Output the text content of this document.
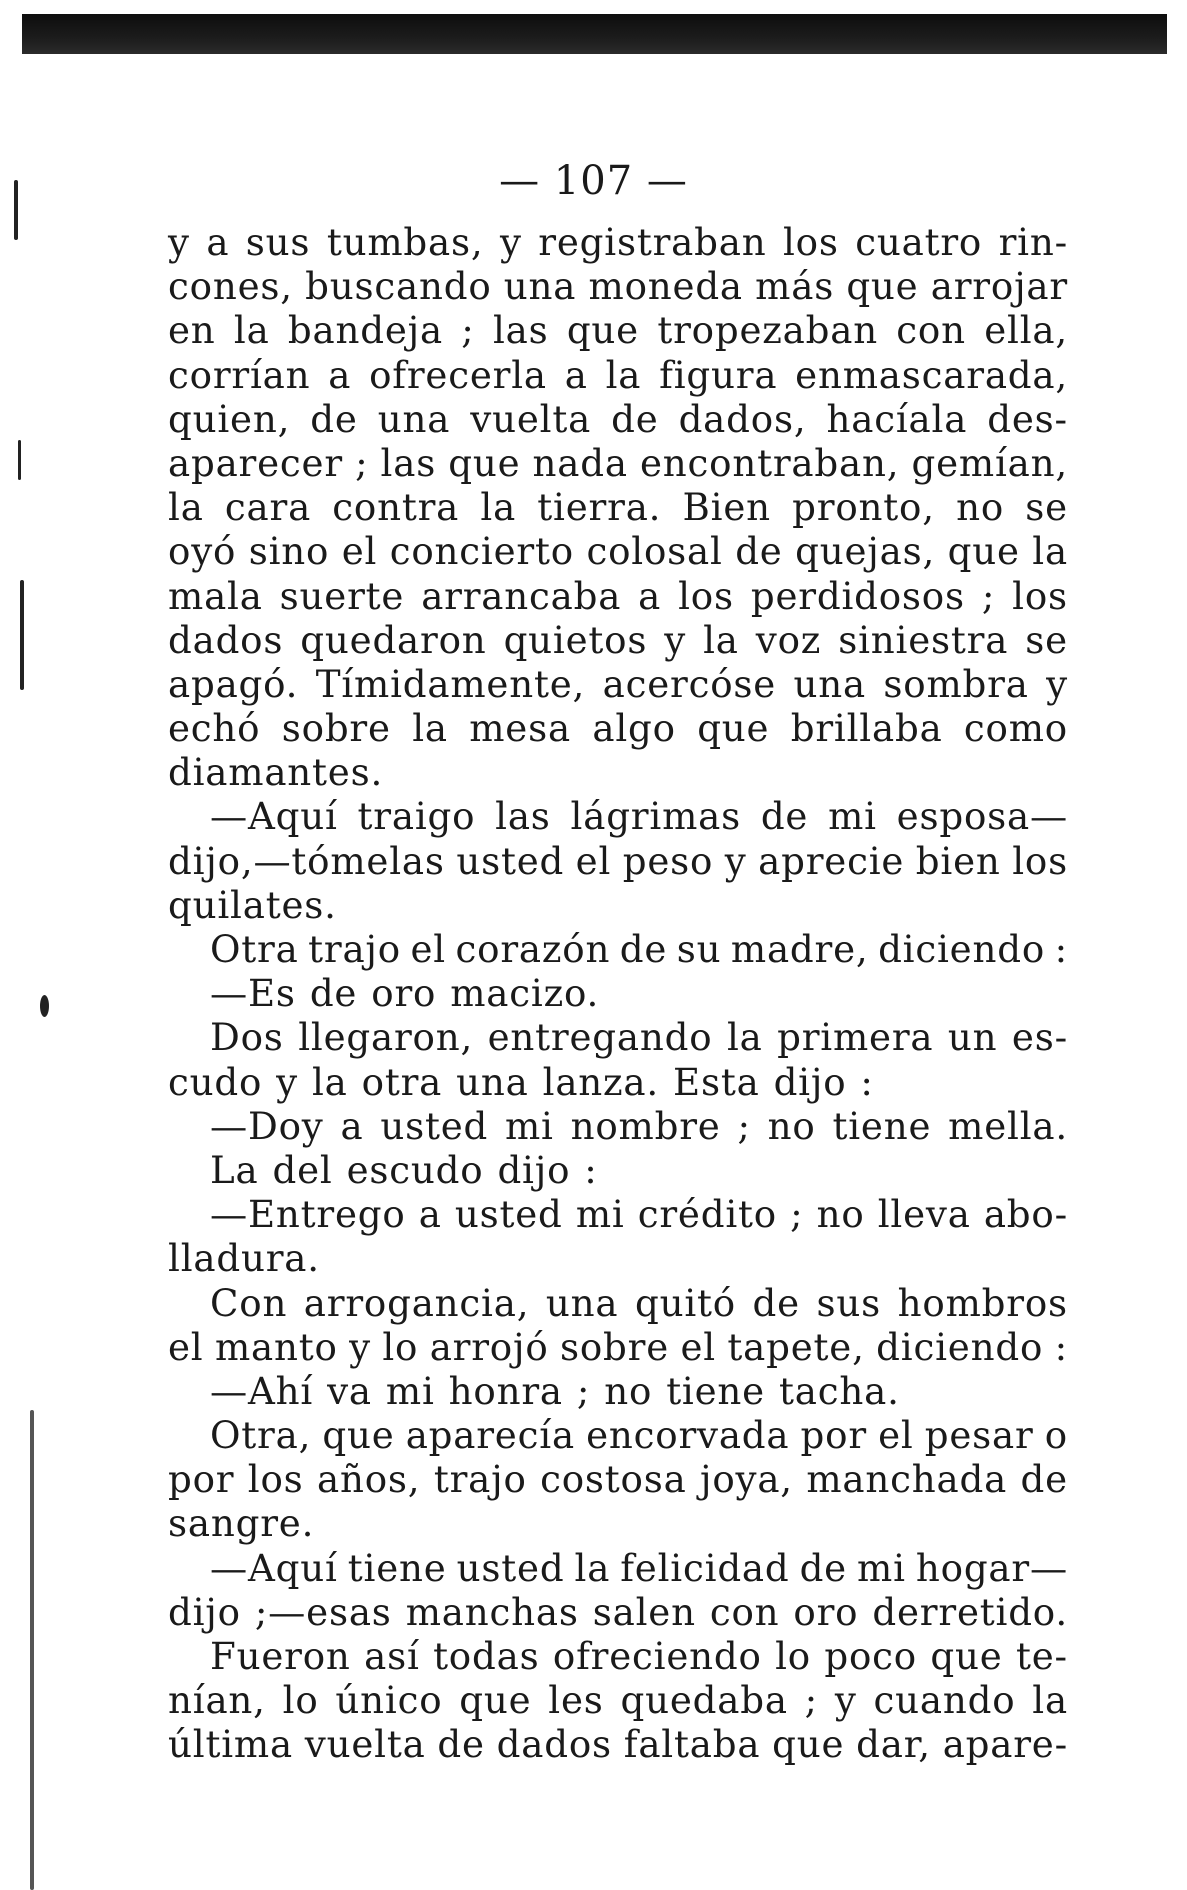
— 107 —
y a sus tumbas, y registraban los cuatro rin-
cones, buscando una moneda más que arrojar
en la bandeja ; las que tropezaban con ella,
corrían a ofrecerla a la figura enmascarada,
quien, de una vuelta de dados, hacíala des-
aparecer ; las que nada encontraban, gemían,
la cara contra la tierra. Bien pronto, no se
oyó sino el concierto colosal de quejas, que la
mala suerte arrancaba a los perdidosos ; los
dados quedaron quietos y la voz siniestra se
apagó. Tímidamente, acercóse una sombra y
echó sobre la mesa algo que brillaba como
diamantes.
—Aquí traigo las lágrimas de mi esposa—
dijo,—tómelas usted el peso y aprecie bien los
quilates.
Otra trajo el corazón de su madre, diciendo :
—Es de oro macizo.
Dos llegaron, entregando la primera un es-
cudo y la otra una lanza. Esta dijo :
—Doy a usted mi nombre ; no tiene mella.
La del escudo dijo :
—Entrego a usted mi crédito ; no lleva abo-
lladura.
Con arrogancia, una quitó de sus hombros
el manto y lo arrojó sobre el tapete, diciendo :
—Ahí va mi honra ; no tiene tacha.
Otra, que aparecía encorvada por el pesar o
por los años, trajo costosa joya, manchada de
sangre.
—Aquí tiene usted la felicidad de mi hogar—
dijo ;—esas manchas salen con oro derretido.
Fueron así todas ofreciendo lo poco que te-
nían, lo único que les quedaba ; y cuando la
última vuelta de dados faltaba que dar, apare-
